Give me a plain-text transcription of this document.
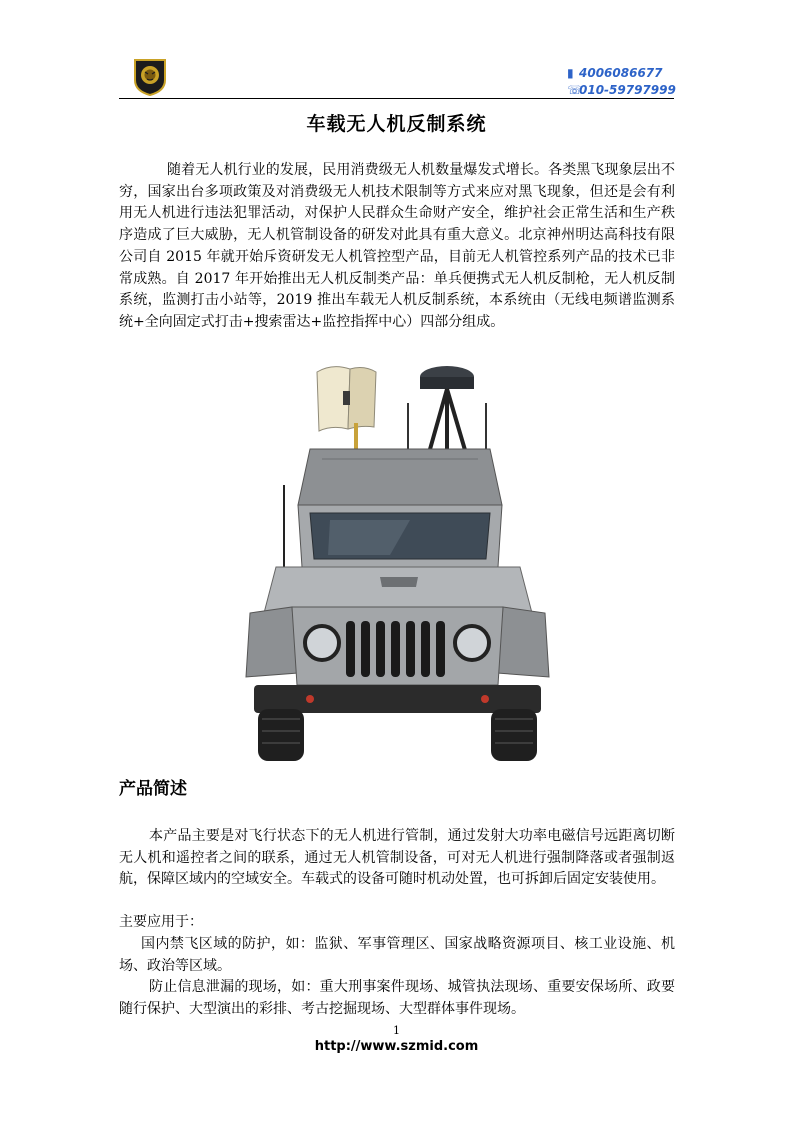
▮ 4006086677
☏010-59797999
车载无人机反制系统
随着无人机行业的发展，民用消费级无人机数量爆发式增长。各类黑飞现象层出不穷，国家出台多项政策及对消费级无人机技术限制等方式来应对黑飞现象，但还是会有利用无人机进行违法犯罪活动，对保护人民群众生命财产安全，维护社会正常生活和生产秩序造成了巨大威胁，无人机管制设备的研发对此具有重大意义。北京神州明达高科技有限公司自 2015 年就开始斥资研发无人机管控型产品，目前无人机管控系列产品的技术已非常成熟。自 2017 年开始推出无人机反制类产品：单兵便携式无人机反制枪，无人机反制系统，监测打击小站等，2019 推出车载无人机反制系统，本系统由（无线电频谱监测系统+全向固定式打击+搜索雷达+监控指挥中心）四部分组成。
产品简述
本产品主要是对飞行状态下的无人机进行管制，通过发射大功率电磁信号远距离切断无人机和遥控者之间的联系，通过无人机管制设备，可对无人机进行强制降落或者强制返航，保障区域内的空域安全。车载式的设备可随时机动处置，也可拆卸后固定安装使用。
主要应用于：
国内禁飞区域的防护，如：监狱、军事管理区、国家战略资源项目、核工业设施、机场、政治等区域。
防止信息泄漏的现场，如：重大刑事案件现场、城管执法现场、重要安保场所、政要随行保护、大型演出的彩排、考古挖掘现场、大型群体事件现场。
1
http://www.szmid.com
